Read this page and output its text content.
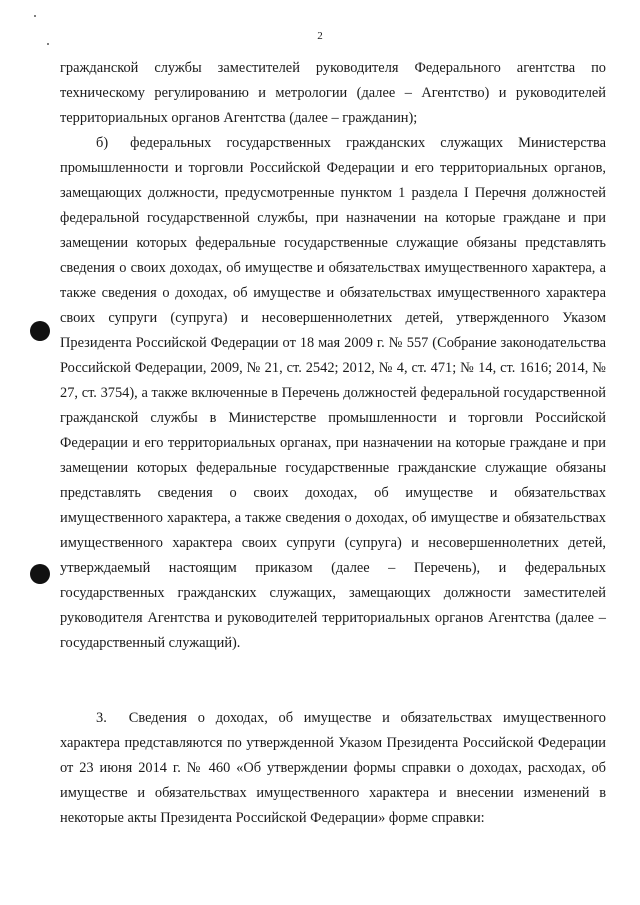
2

гражданской службы заместителей руководителя Федерального агентства по техническому регулированию и метрологии (далее – Агентство) и руководителей территориальных органов Агентства (далее – гражданин);

б) федеральных государственных гражданских служащих Министерства промышленности и торговли Российской Федерации и его территориальных органов, замещающих должности, предусмотренные пунктом 1 раздела I Перечня должностей федеральной государственной службы, при назначении на которые граждане и при замещении которых федеральные государственные служащие обязаны представлять сведения о своих доходах, об имуществе и обязательствах имущественного характера, а также сведения о доходах, об имуществе и обязательствах имущественного характера своих супруги (супруга) и несовершеннолетних детей, утвержденного Указом Президента Российской Федерации от 18 мая 2009 г. № 557 (Собрание законодательства Российской Федерации, 2009, № 21, ст. 2542; 2012, № 4, ст. 471; № 14, ст. 1616; 2014, № 27, ст. 3754), а также включенные в Перечень должностей федеральной государственной гражданской службы в Министерстве промышленности и торговли Российской Федерации и его территориальных органах, при назначении на которые граждане и при замещении которых федеральные государственные гражданские служащие обязаны представлять сведения о своих доходах, об имуществе и обязательствах имущественного характера, а также сведения о доходах, об имуществе и обязательствах имущественного характера своих супруги (супруга) и несовершеннолетних детей, утверждаемый настоящим приказом (далее – Перечень), и федеральных государственных гражданских служащих, замещающих должности заместителей руководителя Агентства и руководителей территориальных органов Агентства (далее – государственный служащий).

3. Сведения о доходах, об имуществе и обязательствах имущественного характера представляются по утвержденной Указом Президента Российской Федерации от 23 июня 2014 г. № 460 «Об утверждении формы справки о доходах, расходах, об имуществе и обязательствах имущественного характера и внесении изменений в некоторые акты Президента Российской Федерации» форме справки:
